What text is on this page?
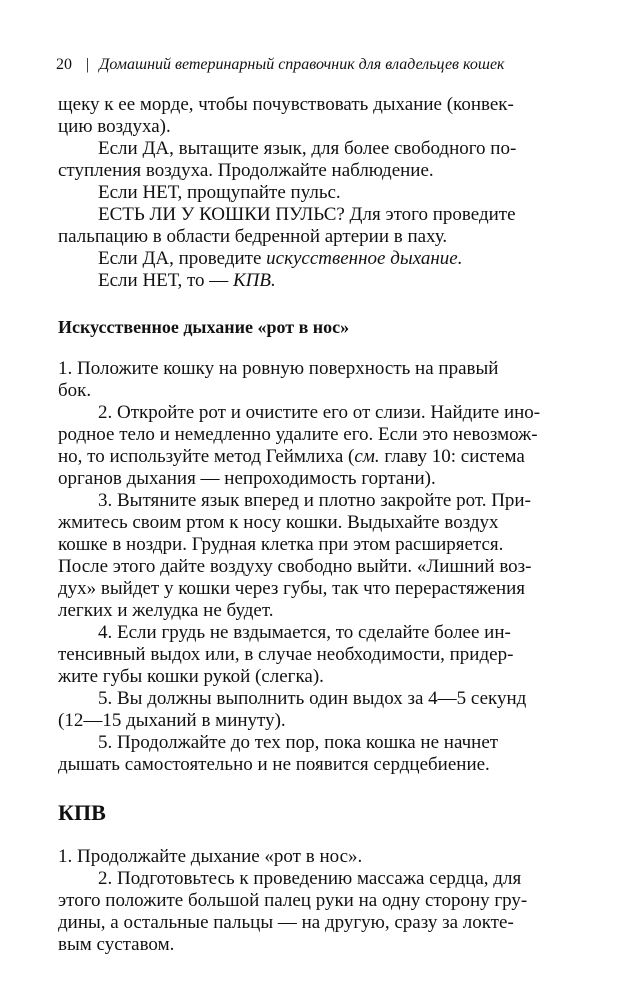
20 | Домашний ветеринарный справочник для владельцев кошек
щеку к ее морде, чтобы почувствовать дыхание (конвек-
цию воздуха).
Если ДА, вытащите язык, для более свободного по-
ступления воздуха. Продолжайте наблюдение.
Если НЕТ, прощупайте пульс.
ЕСТЬ ЛИ У КОШКИ ПУЛЬС? Для этого проведите
пальпацию в области бедренной артерии в паху.
Если ДА, проведите искусственное дыхание.
Если НЕТ, то — КПВ.
Искусственное дыхание «рот в нос»
1. Положите кошку на ровную поверхность на правый
бок.
2. Откройте рот и очистите его от слизи. Найдите ино-
родное тело и немедленно удалите его. Если это невозмож-
но, то используйте метод Геймлиха (см. главу 10: система
органов дыхания — непроходимость гортани).
3. Вытяните язык вперед и плотно закройте рот. При-
жмитесь своим ртом к носу кошки. Выдыхайте воздух
кошке в ноздри. Грудная клетка при этом расширяется.
После этого дайте воздуху свободно выйти. «Лишний воз-
дух» выйдет у кошки через губы, так что перерастяжения
легких и желудка не будет.
4. Если грудь не вздымается, то сделайте более ин-
тенсивный выдох или, в случае необходимости, придер-
жите губы кошки рукой (слегка).
5. Вы должны выполнить один выдох за 4—5 секунд
(12—15 дыханий в минуту).
5. Продолжайте до тех пор, пока кошка не начнет
дышать самостоятельно и не появится сердцебиение.
КПВ
1. Продолжайте дыхание «рот в нос».
2. Подготовьтесь к проведению массажа сердца, для
этого положите большой палец руки на одну сторону гру-
дины, а остальные пальцы — на другую, сразу за локте-
вым суставом.
